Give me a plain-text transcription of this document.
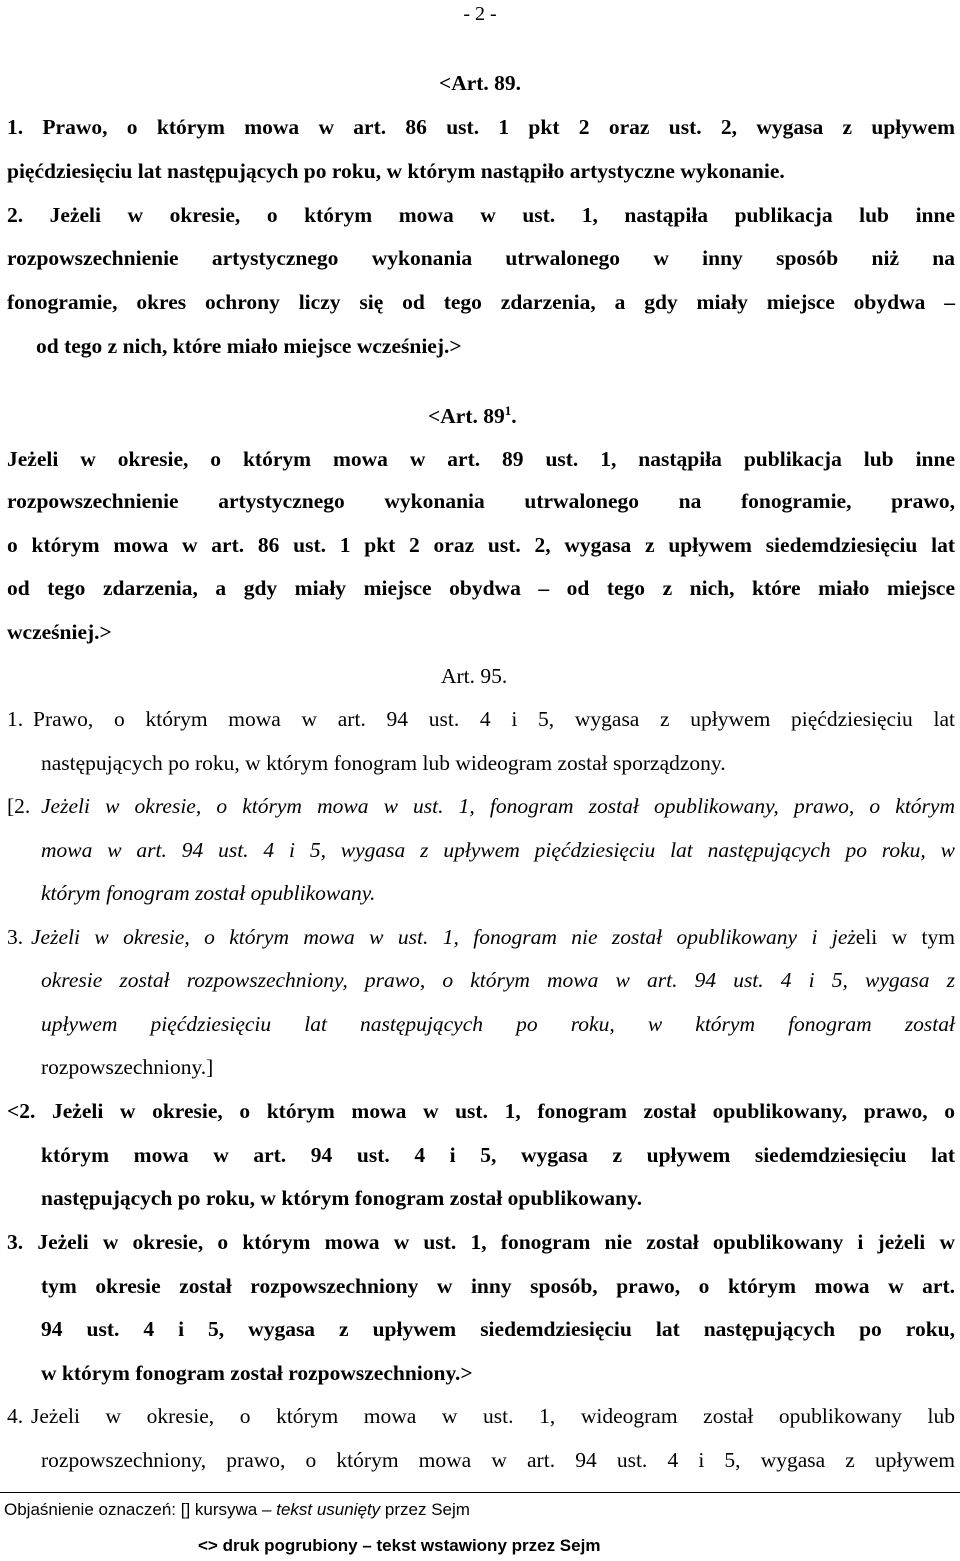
- 2 -
<Art. 89.
1. Prawo, o którym mowa w art. 86 ust. 1 pkt 2 oraz ust. 2, wygasa z upływem
pięćdziesięciu lat następujących po roku, w którym nastąpiło artystyczne wykonanie.
2. Jeżeli w okresie, o którym mowa w ust. 1, nastąpiła publikacja lub inne
rozpowszechnienie artystycznego wykonania utrwalonego w inny sposób niż na
fonogramie, okres ochrony liczy się od tego zdarzenia, a gdy miały miejsce obydwa –
od tego z nich, które miało miejsce wcześniej.>
<Art. $89^1$.
Jeżeli w okresie, o którym mowa w art. 89 ust. 1, nastąpiła publikacja lub inne
rozpowszechnienie artystycznego wykonania utrwalonego na fonogramie, prawo,
o którym mowa w art. 86 ust. 1 pkt 2 oraz ust. 2, wygasa z upływem siedemdziesięciu lat
od tego zdarzenia, a gdy miały miejsce obydwa – od tego z nich, które miało miejsce
wcześniej.>
Art. 95.
1. Prawo, o którym mowa w art. 94 ust. 4 i 5, wygasa z upływem pięćdziesięciu lat
następujących po roku, w którym fonogram lub wideogram został sporządzony.
[2. Jeżeli w okresie, o którym mowa w ust. 1, fonogram został opublikowany, prawo, o którym
mowa w art. 94 ust. 4 i 5, wygasa z upływem pięćdziesięciu lat następujących po roku, w
którym fonogram został opublikowany.
3. Jeżeli w okresie, o którym mowa w ust. 1, fonogram nie został opublikowany i jeżeli w tym
okresie został rozpowszechniony, prawo, o którym mowa w art. 94 ust. 4 i 5, wygasa z
upływem pięćdziesięciu lat następujących po roku, w którym fonogram został
rozpowszechniony.]
<2. Jeżeli w okresie, o którym mowa w ust. 1, fonogram został opublikowany, prawo, o
którym mowa w art. 94 ust. 4 i 5, wygasa z upływem siedemdziesięciu lat
następujących po roku, w którym fonogram został opublikowany.
3. Jeżeli w okresie, o którym mowa w ust. 1, fonogram nie został opublikowany i jeżeli w
tym okresie został rozpowszechniony w inny sposób, prawo, o którym mowa w art.
94 ust. 4 i 5, wygasa z upływem siedemdziesięciu lat następujących po roku,
w którym fonogram został rozpowszechniony.>
4. Jeżeli w okresie, o którym mowa w ust. 1, wideogram został opublikowany lub
rozpowszechniony, prawo, o którym mowa w art. 94 ust. 4 i 5, wygasa z upływem
Objaśnienie oznaczeń: [] kursywa – tekst usunięty przez Sejm
<> druk pogrubiony – tekst wstawiony przez Sejm
